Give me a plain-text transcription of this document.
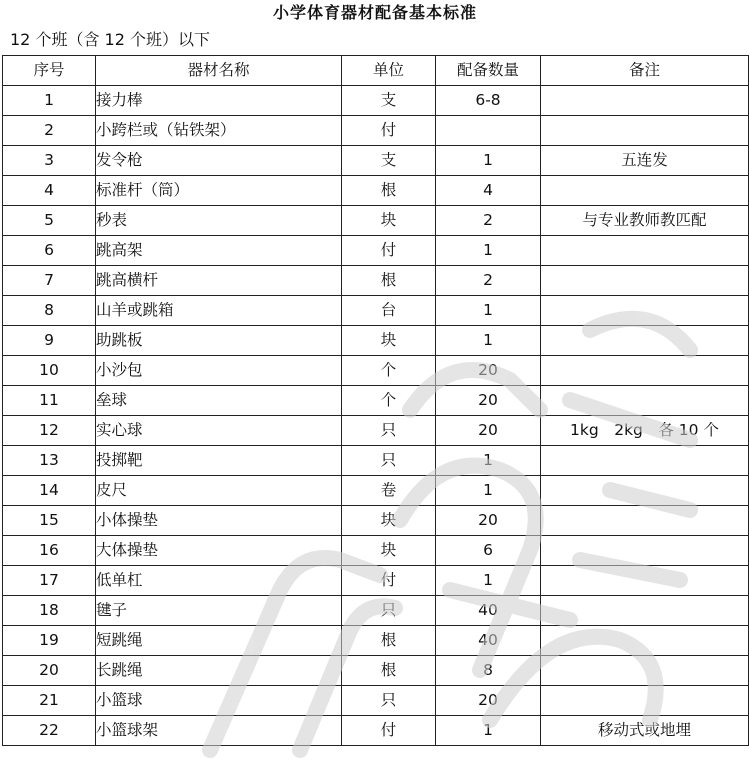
小学体育器材配备基本标准
12 个班（含 12 个班）以下
序号	器材名称	单位	配备数量	备注
1	接力棒	支	6-8	
2	小跨栏或（钻铁架）	付		
3	发令枪	支	1	五连发
4	标准杆（筒）	根	4	
5	秒表	块	2	与专业教师教匹配
6	跳高架	付	1	
7	跳高横杆	根	2	
8	山羊或跳箱	台	1	
9	助跳板	块	1	
10	小沙包	个	20	
11	垒球	个	20	
12	实心球	只	20	1kg　2kg　各 10 个
13	投掷靶	只	1	
14	皮尺	卷	1	
15	小体操垫	块	20	
16	大体操垫	块	6	
17	低单杠	付	1	
18	毽子	只	40	
19	短跳绳	根	40	
20	长跳绳	根	8	
21	小篮球	只	20	
22	小篮球架	付	1	移动式或地埋
